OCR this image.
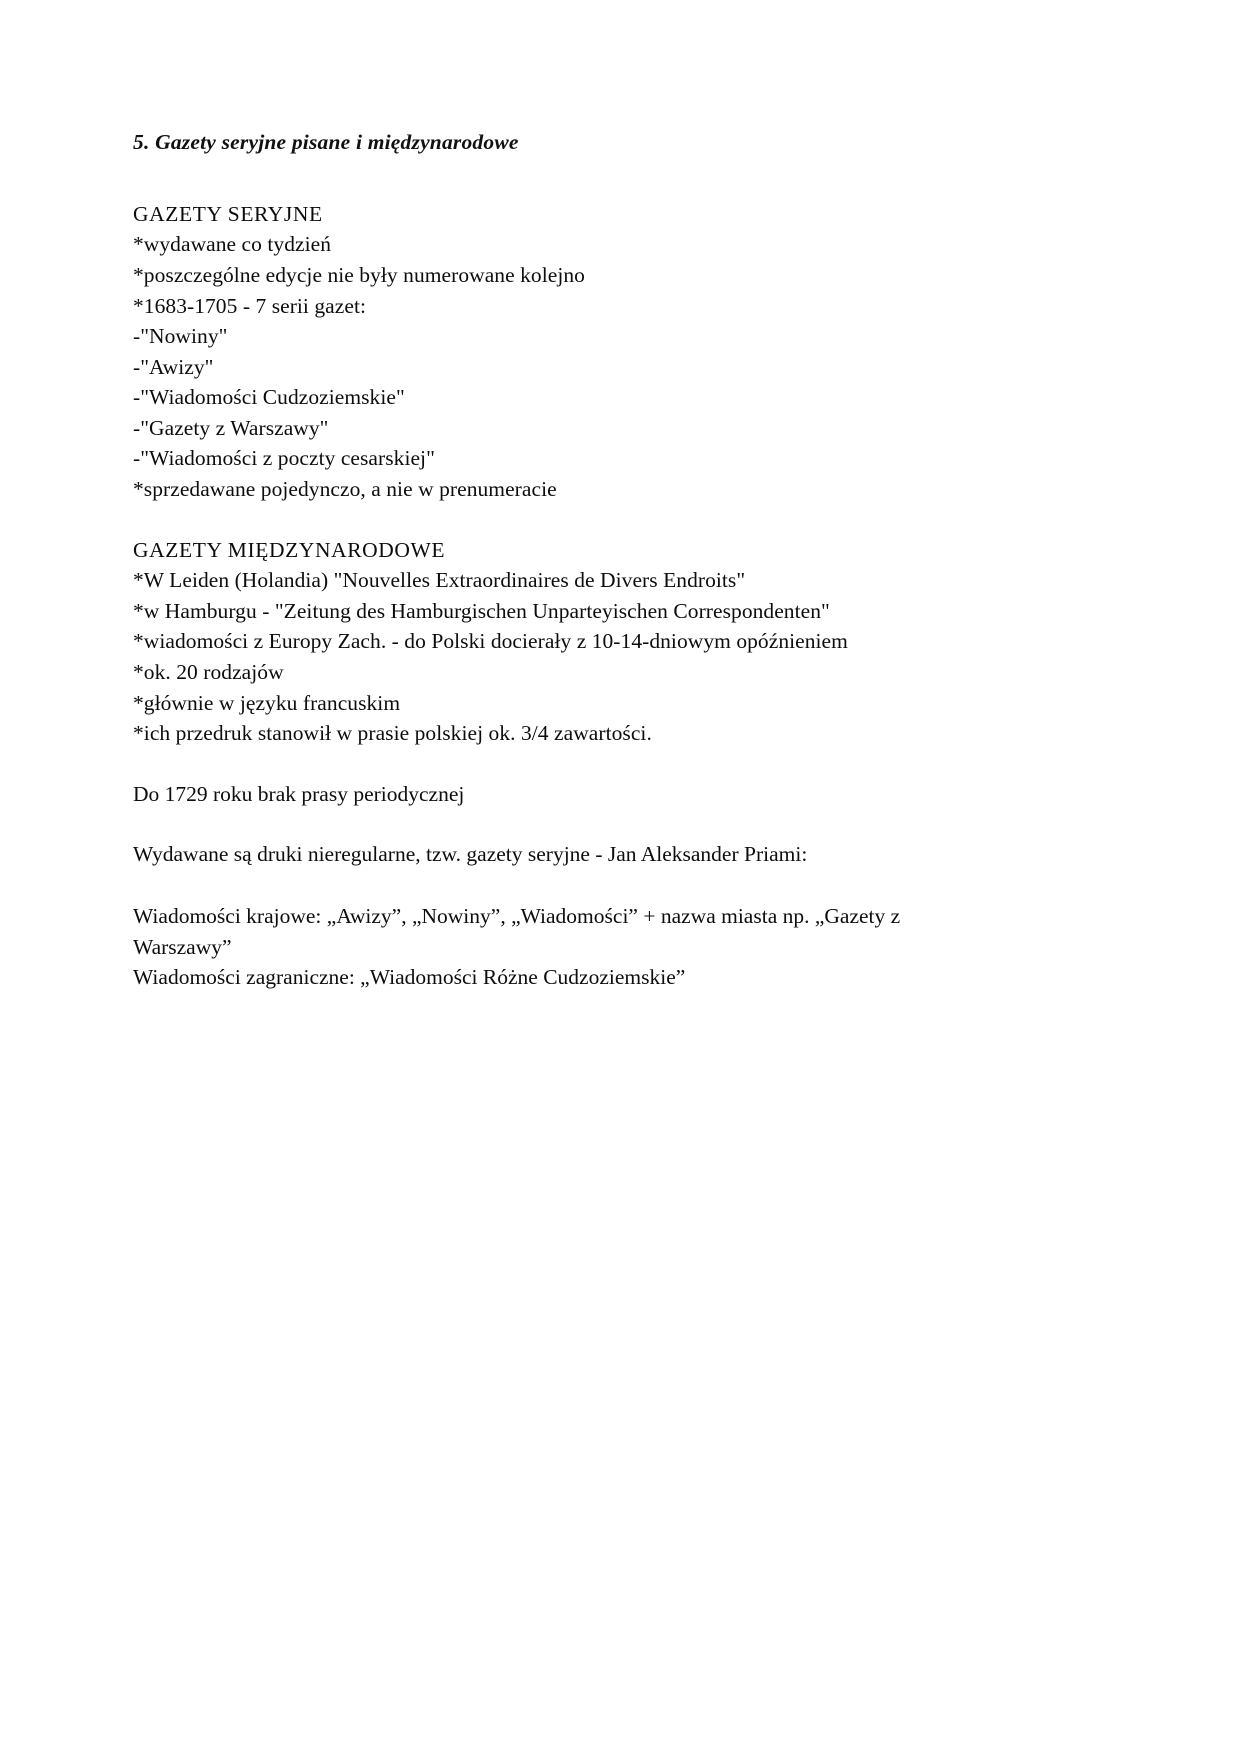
5. Gazety seryjne pisane i międzynarodowe
GAZETY SERYJNE
*wydawane co tydzień
*poszczególne edycje nie były numerowane kolejno
*1683-1705 - 7 serii gazet:
-"Nowiny"
-"Awizy"
-"Wiadomości Cudzoziemskie"
-"Gazety z Warszawy"
-"Wiadomości z poczty cesarskiej"
*sprzedawane pojedynczo, a nie w prenumeracie
GAZETY MIĘDZYNARODOWE
*W Leiden (Holandia) "Nouvelles Extraordinaires de Divers Endroits"
*w Hamburgu - "Zeitung des Hamburgischen Unparteyischen Correspondenten"
*wiadomości z Europy Zach. - do Polski docierały z 10-14-dniowym opóźnieniem
*ok. 20 rodzajów
*głównie w języku francuskim
*ich przedruk stanowił w prasie polskiej ok. 3/4 zawartości.
Do 1729 roku brak prasy periodycznej
Wydawane są druki nieregularne, tzw. gazety seryjne - Jan Aleksander Priami:
Wiadomości krajowe: „Awizy”, „Nowiny”, „Wiadomości” + nazwa miasta np. „Gazety z Warszawy”
Wiadomości zagraniczne: „Wiadomości Różne Cudzoziemskie”
